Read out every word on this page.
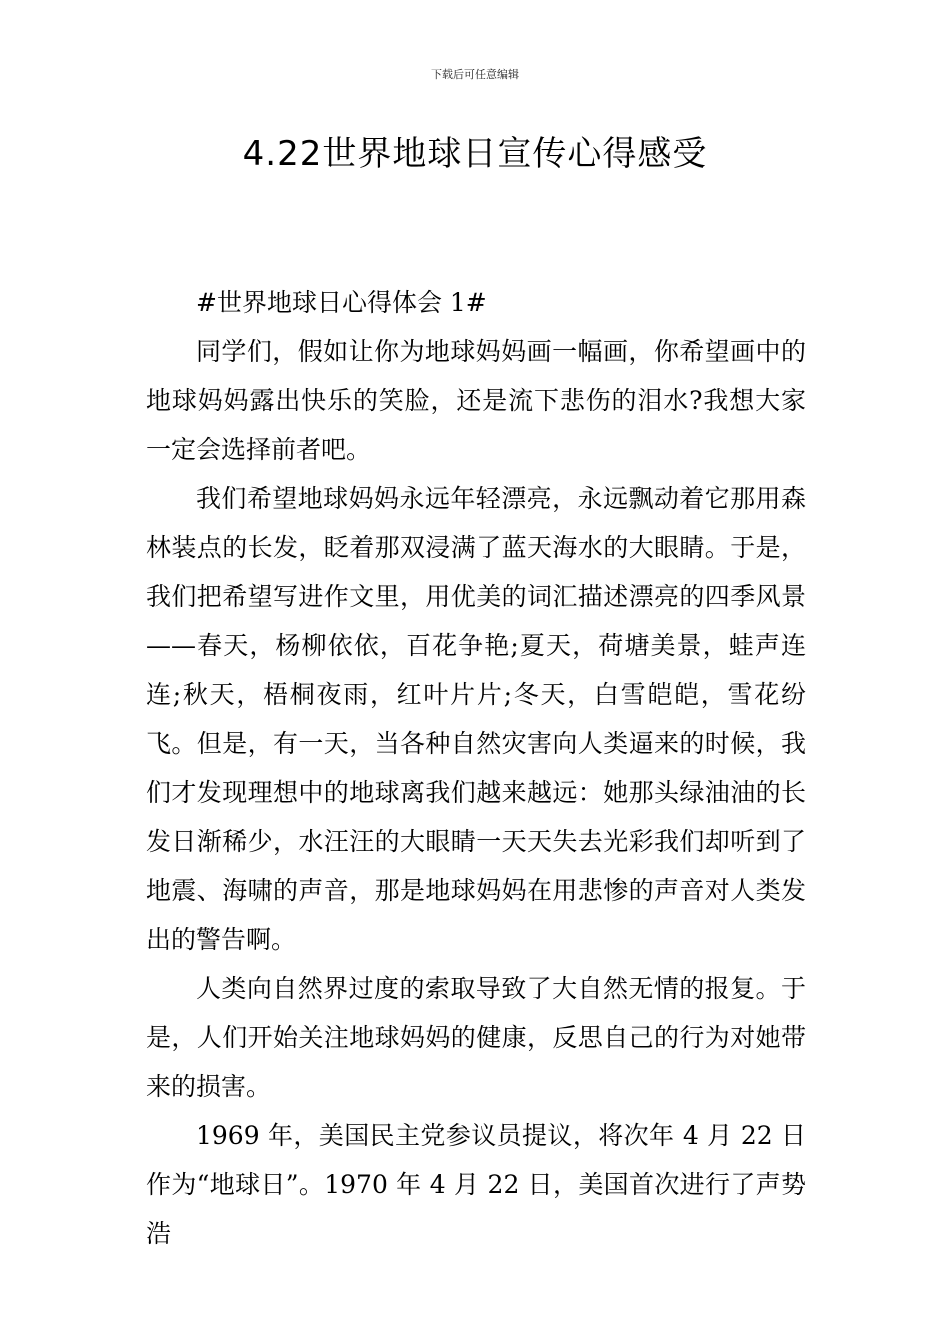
下载后可任意编辑
4.22世界地球日宣传心得感受

#世界地球日心得体会 1#

同学们，假如让你为地球妈妈画一幅画，你希望画中的地球妈妈露出快乐的笑脸，还是流下悲伤的泪水?我想大家一定会选择前者吧。

我们希望地球妈妈永远年轻漂亮，永远飘动着它那用森林装点的长发，眨着那双浸满了蓝天海水的大眼睛。于是，我们把希望写进作文里，用优美的词汇描述漂亮的四季风景——春天，杨柳依依，百花争艳;夏天，荷塘美景，蛙声连连;秋天，梧桐夜雨，红叶片片;冬天，白雪皑皑，雪花纷飞。但是，有一天，当各种自然灾害向人类逼来的时候，我们才发现理想中的地球离我们越来越远：她那头绿油油的长发日渐稀少，水汪汪的大眼睛一天天失去光彩我们却听到了地震、海啸的声音，那是地球妈妈在用悲惨的声音对人类发出的警告啊。

人类向自然界过度的索取导致了大自然无情的报复。于是，人们开始关注地球妈妈的健康，反思自己的行为对她带来的损害。

1969 年，美国民主党参议员提议，将次年 4 月 22 日作为“地球日”。1970 年 4 月 22 日，美国首次进行了声势浩
